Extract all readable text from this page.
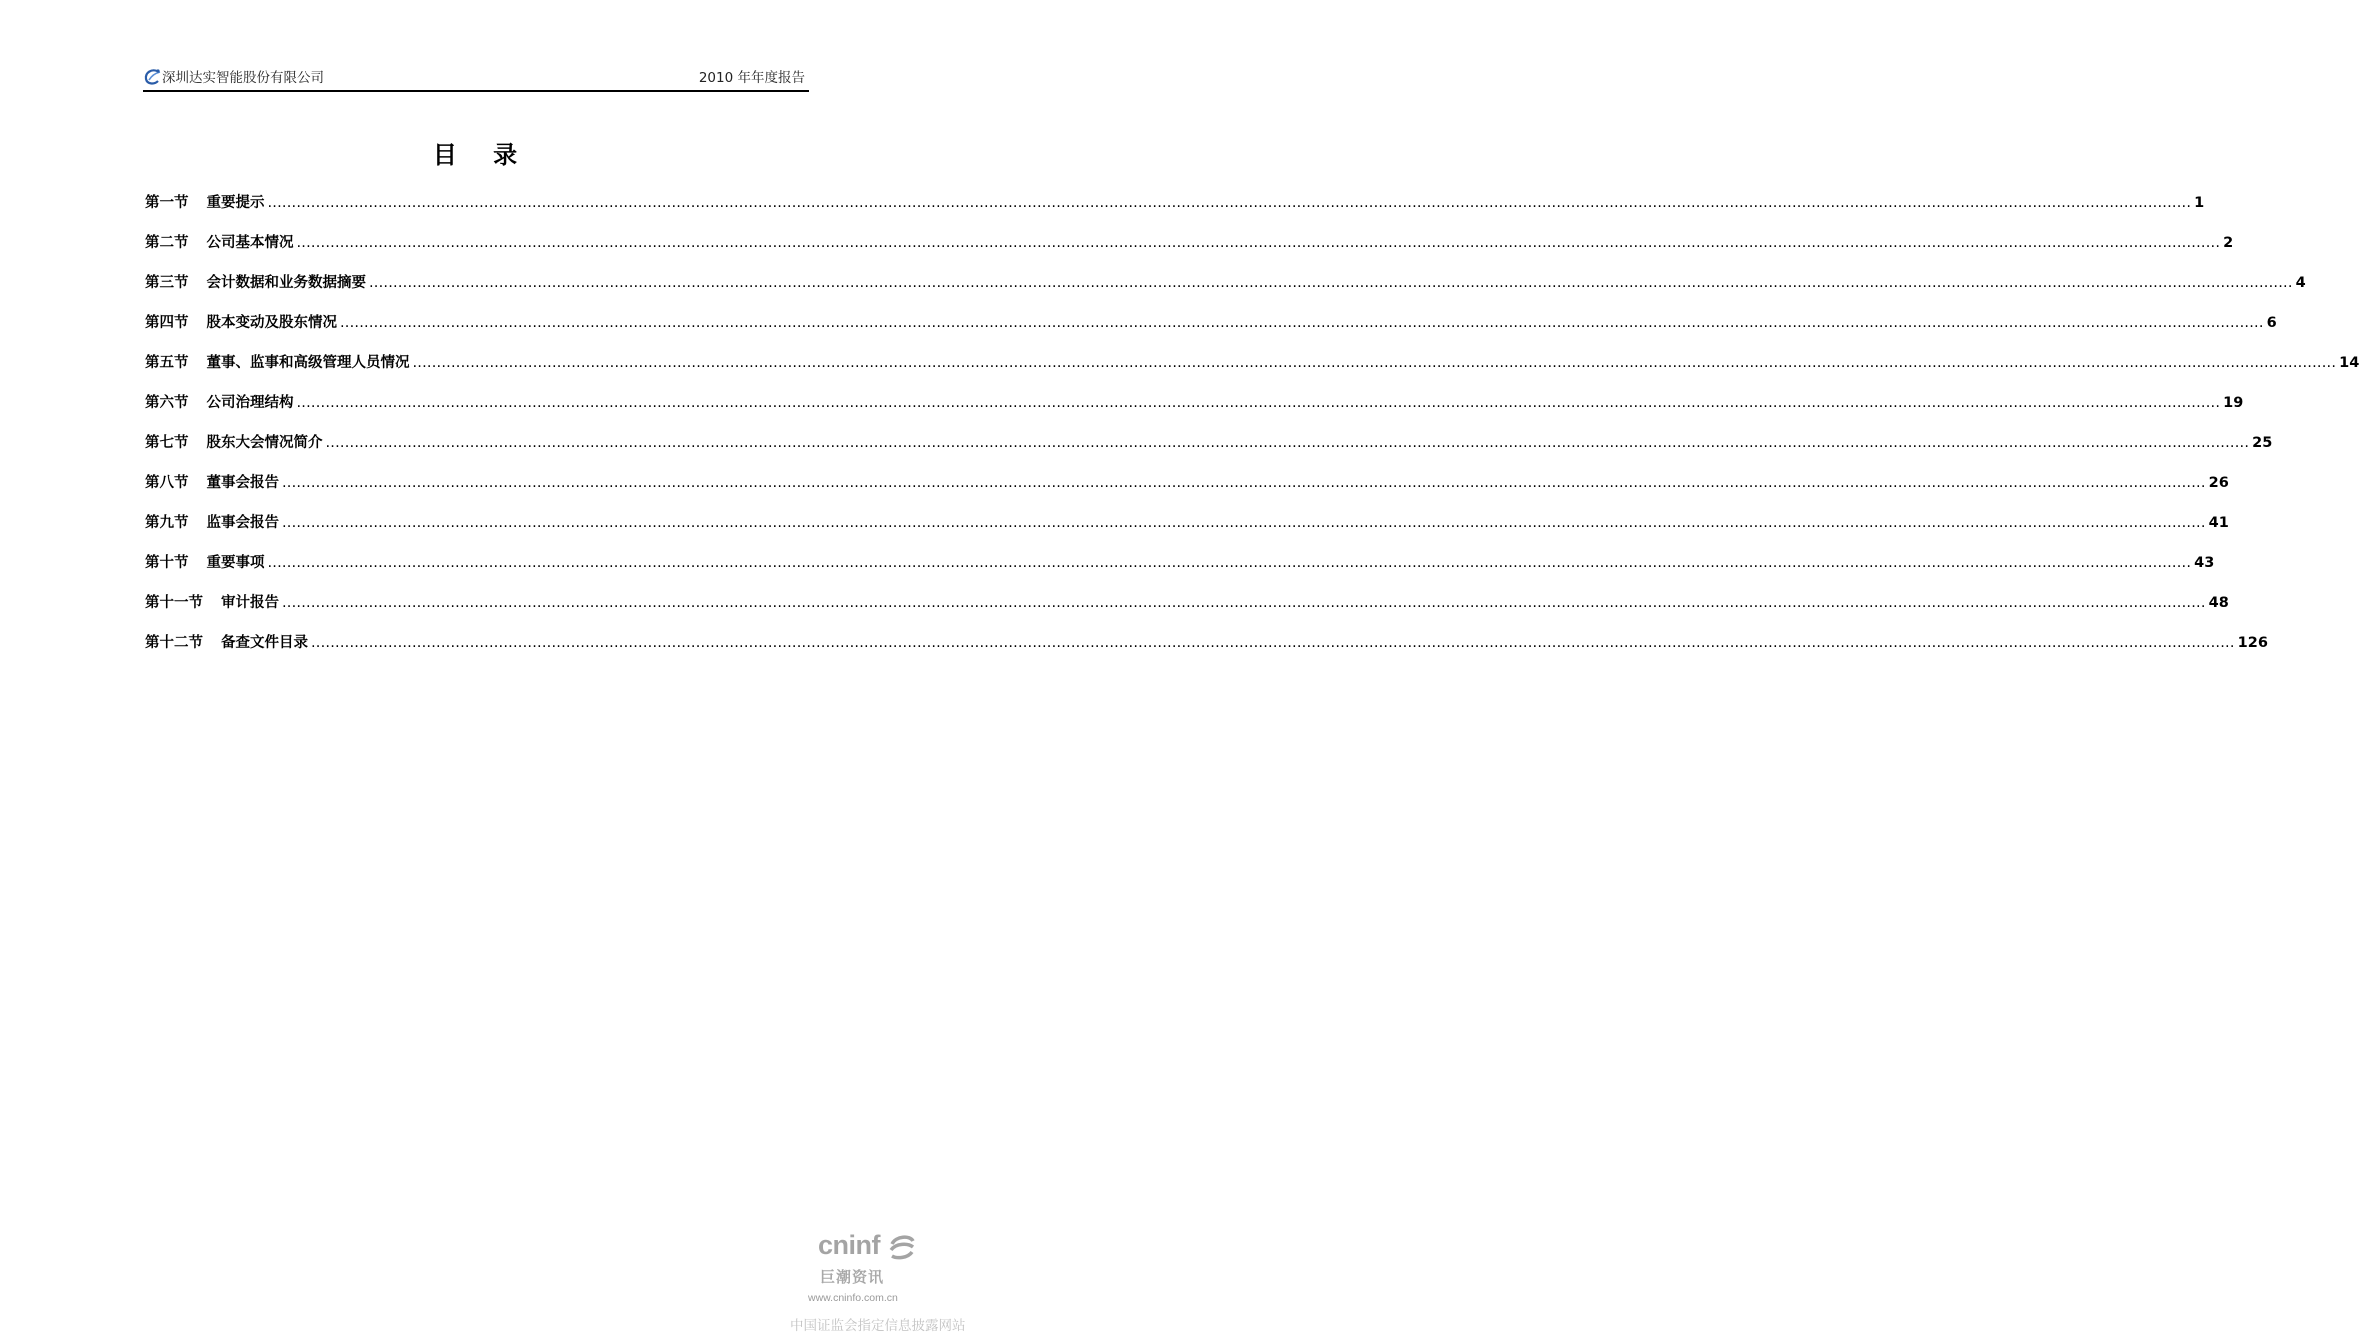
深圳达实智能股份有限公司	2010 年年度报告
目 录
第一节 重要提示 ................................................................................................................................................................................................................................................................................................................................................................................................................ 1
第二节 公司基本情况 ................................................................................................................................................................................................................................................................................................................................................................................................................ 2
第三节 会计数据和业务数据摘要 ................................................................................................................................................................................................................................................................................................................................................................................................................ 4
第四节 股本变动及股东情况 ................................................................................................................................................................................................................................................................................................................................................................................................................ 6
第五节 董事、监事和高级管理人员情况 ................................................................................................................................................................................................................................................................................................................................................................................................................ 14
第六节 公司治理结构 ................................................................................................................................................................................................................................................................................................................................................................................................................ 19
第七节 股东大会情况简介 ................................................................................................................................................................................................................................................................................................................................................................................................................ 25
第八节 董事会报告 ................................................................................................................................................................................................................................................................................................................................................................................................................ 26
第九节 监事会报告 ................................................................................................................................................................................................................................................................................................................................................................................................................ 41
第十节 重要事项 ................................................................................................................................................................................................................................................................................................................................................................................................................ 43
第十一节 审计报告 ................................................................................................................................................................................................................................................................................................................................................................................................................ 48
第十二节 备查文件目录 ................................................................................................................................................................................................................................................................................................................................................................................................................ 126
cninf
巨潮资讯
www.cninfo.com.cn
中国证监会指定信息披露网站
